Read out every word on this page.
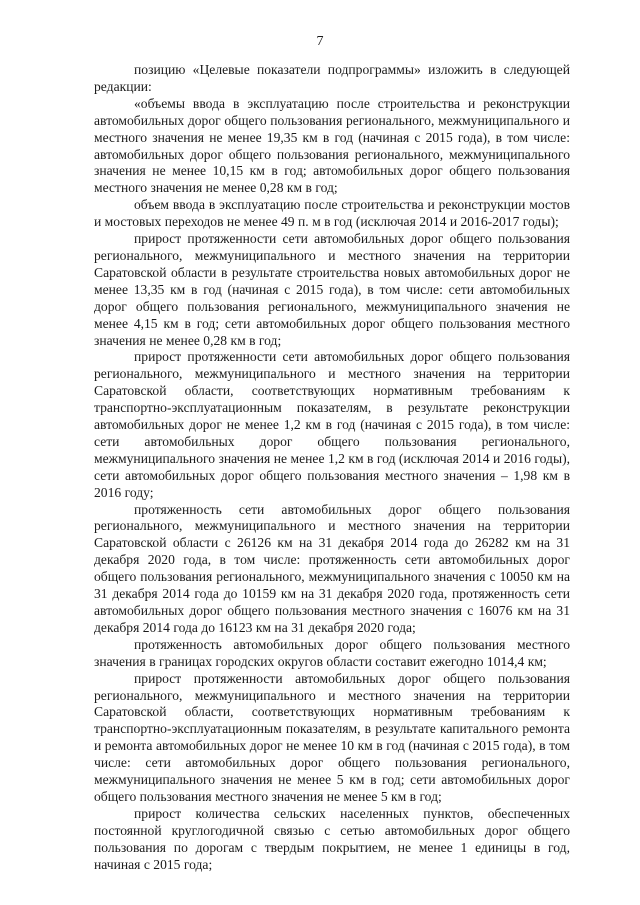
7

позицию «Целевые показатели подпрограммы» изложить в следующей редакции:

«объемы ввода в эксплуатацию после строительства и реконструкции автомобильных дорог общего пользования регионального, межмуниципального и местного значения не менее 19,35 км в год (начиная с 2015 года), в том числе: автомобильных дорог общего пользования регионального, межмуниципального значения не менее 10,15 км в год; автомобильных дорог общего пользования местного значения не менее 0,28 км в год;

объем ввода в эксплуатацию после строительства и реконструкции мостов и мостовых переходов не менее 49 п. м в год (исключая 2014 и 2016-2017 годы);

прирост протяженности сети автомобильных дорог общего пользования регионального, межмуниципального и местного значения на территории Саратовской области в результате строительства новых автомобильных дорог не менее 13,35 км в год (начиная с 2015 года), в том числе: сети автомобильных дорог общего пользования регионального, межмуниципального значения не менее 4,15 км в год; сети автомобильных дорог общего пользования местного значения не менее 0,28 км в год;

прирост протяженности сети автомобильных дорог общего пользования регионального, межмуниципального и местного значения на территории Саратовской области, соответствующих нормативным требованиям к транспортно-эксплуатационным показателям, в результате реконструкции автомобильных дорог не менее 1,2 км в год (начиная с 2015 года), в том числе: сети автомобильных дорог общего пользования регионального, межмуниципального значения не менее 1,2 км в год (исключая 2014 и 2016 годы), сети автомобильных дорог общего пользования местного значения – 1,98 км в 2016 году;

протяженность сети автомобильных дорог общего пользования регионального, межмуниципального и местного значения на территории Саратовской области с 26126 км на 31 декабря 2014 года до 26282 км на 31 декабря 2020 года, в том числе: протяженность сети автомобильных дорог общего пользования регионального, межмуниципального значения с 10050 км на 31 декабря 2014 года до 10159 км на 31 декабря 2020 года, протяженность сети автомобильных дорог общего пользования местного значения с 16076 км на 31 декабря 2014 года до 16123 км на 31 декабря 2020 года;

протяженность автомобильных дорог общего пользования местного значения в границах городских округов области составит ежегодно 1014,4 км;

прирост протяженности автомобильных дорог общего пользования регионального, межмуниципального и местного значения на территории Саратовской области, соответствующих нормативным требованиям к транспортно-эксплуатационным показателям, в результате капитального ремонта и ремонта автомобильных дорог не менее 10 км в год (начиная с 2015 года), в том числе: сети автомобильных дорог общего пользования регионального, межмуниципального значения не менее 5 км в год; сети автомобильных дорог общего пользования местного значения не менее 5 км в год;

прирост количества сельских населенных пунктов, обеспеченных постоянной круглогодичной связью с сетью автомобильных дорог общего пользования по дорогам с твердым покрытием, не менее 1 единицы в год, начиная с 2015 года;
